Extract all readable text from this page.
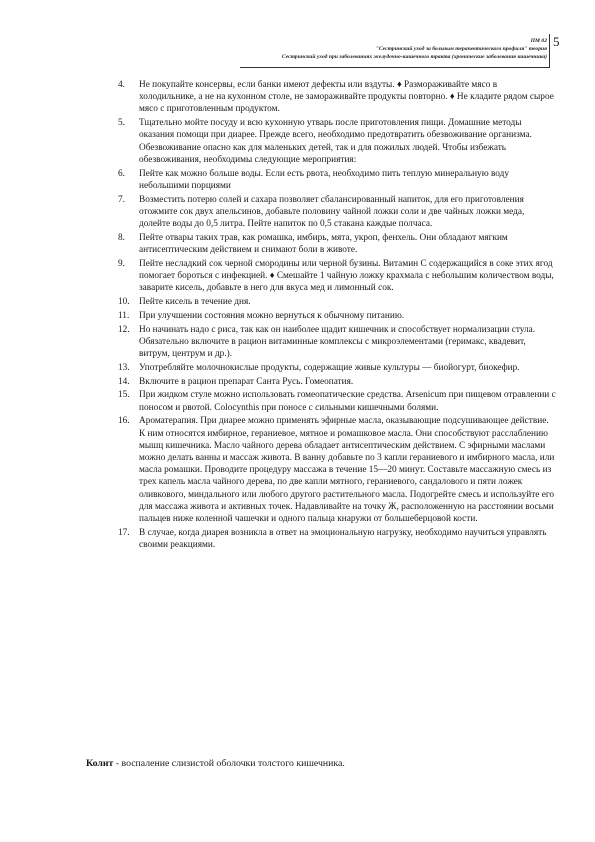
ПМ 02
"Сестринский уход за больным терапевтического профиля" теория
Сестринский уход при заболеваниях желудочно-кишечного тракта (хронические заболевания кишечника)
5
4. Не покупайте консервы, если банки имеют дефекты или вздуты. ♦ Размораживайте мясо в холодильнике, а не на кухонном столе, не замораживайте продукты повторно. ♦ Не кладите рядом сырое мясо с приготовленным продуктом.
5. Тщательно мойте посуду и всю кухонную утварь после приготовления пищи. Домашние методы оказания помощи при диарее. Прежде всего, необходимо предотвратить обезвоживание организма. Обезвоживание опасно как для маленьких детей, так и для пожилых людей. Чтобы избежать обезвоживания, необходимы следующие мероприятия:
6. Пейте как можно больше воды. Если есть рвота, необходимо пить теплую минеральную воду небольшими порциями
7. Возместить потерю солей и сахара позволяет сбалансированный напиток, для его приготовления отожмите сок двух апельсинов, добавьте половину чайной ложки соли и две чайных ложки меда, долейте воды до 0,5 литра. Пейте напиток по 0,5 стакана каждые полчаса.
8. Пейте отвары таких трав, как ромашка, имбирь, мята, укроп, фенхель. Они обладают мягким антисептическим действием и снимают боли в животе.
9. Пейте несладкий сок черной смородины или черной бузины. Витамин С содержащийся в соке этих ягод помогает бороться с инфекцией. ♦ Смешайте 1 чайную ложку крахмала с небольшим количеством воды, заварите кисель, добавьте в него для вкуса мед и лимонный сок.
10. Пейте кисель в течение дня.
11. При улучшении состояния можно вернуться к обычному питанию.
12. Но начинать надо с риса, так как он наиболее щадит кишечник и способствует нормализации стула. Обязательно включите в рацион витаминные комплексы с микроэлементами (геримакс, квадевит, витрум, центрум и др.).
13. Употребляйте молочнокислые продукты, содержащие живые культуры — биойогурт, биокефир.
14. Включите в рацион препарат Санта Русь. Гомеопатия.
15. При жидком стуле можно использовать гомеопатические средства. Arsenicum при пищевом отравлении с поносом и рвотой. Colocynthis при поносе с сильными кишечными болями.
16. Ароматерапия. При диарее можно применять эфирные масла, оказывающие подсушивающее действие. К ним относятся имбирное, гераниевое, мятное и ромашковое масла. Они способствуют расслаблению мышц кишечника. Масло чайного дерева обладает антисептическим действием. С эфирными маслами можно делать ванны и массаж живота. В ванну добавьте по 3 капли гераниевого и имбирного масла, или масла ромашки. Проводите процедуру массажа в течение 15—20 минут. Составьте массажную смесь из трех капель масла чайного дерева, по две капли мятного, гераниевого, сандалового и пяти ложек оливкового, миндального или любого другого растительного масла. Подогрейте смесь и используйте его для массажа живота и активных точек. Надавливайте на точку Ж, расположенную на расстоянии восьми пальцев ниже коленной чашечки и одного пальца кнаружи от большеберцовой кости.
17. В случае, когда диарея возникла в ответ на эмоциональную нагрузку, необходимо научиться управлять своими реакциями.
Колит - воспаление слизистой оболочки толстого кишечника.
